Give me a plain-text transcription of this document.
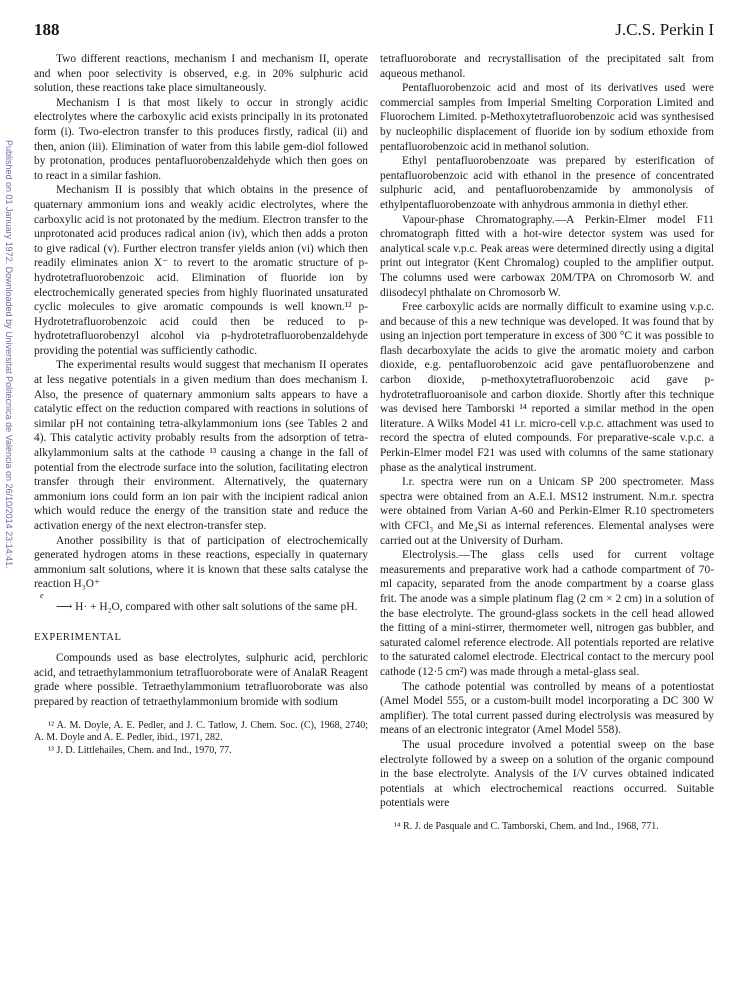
188	J.C.S. Perkin I
Published on 01 January 1972. Downloaded by Universitat Politècnica de València on 26/10/2014 23:14:41.

Two different reactions, mechanism I and mechanism II, operate and when poor selectivity is observed, e.g. in 20% sulphuric acid solution, these reactions take place simultaneously.

Mechanism I is that most likely to occur in strongly acidic electrolytes where the carboxylic acid exists principally in its protonated form (i). Two-electron transfer to this produces firstly, radical (ii) and then, anion (iii). Elimination of water from this labile gem-diol followed by protonation, produces pentafluorobenzaldehyde which then goes on to react in a similar fashion.

Mechanism II is possibly that which obtains in the presence of quaternary ammonium ions and weakly acidic electrolytes, where the carboxylic acid is not protonated by the medium. Electron transfer to the unprotonated acid produces radical anion (iv), which then adds a proton to give radical (v). Further electron transfer yields anion (vi) which then readily eliminates anion X⁻ to revert to the aromatic structure of p-hydrotetrafluorobenzoic acid. Elimination of fluoride ion by electrochemically generated species from highly fluorinated unsaturated cyclic molecules to give aromatic compounds is well known.¹² p-Hydrotetrafluorobenzoic acid could then be reduced to p-hydrotetrafluorobenzyl alcohol via p-hydrotetrafluorobenzaldehyde providing the potential was sufficiently cathodic.

The experimental results would suggest that mechanism II operates at less negative potentials in a given medium than does mechanism I. Also, the presence of quaternary ammonium salts appears to have a catalytic effect on the reduction compared with reactions in solutions of similar pH not containing tetra-alkylammonium ions (see Tables 2 and 4). This catalytic activity probably results from the adsorption of tetra-alkylammonium salts at the cathode ¹³ causing a change in the fall of potential from the electrode surface into the solution, facilitating electron transfer through their environment. Alternatively, the quaternary ammonium ions could form an ion pair with the incipient radical anion which would reduce the energy of the transition state and reduce the activation energy of the next electron-transfer step.

Another possibility is that of participation of electrochemically generated hydrogen atoms in these reactions, especially in quaternary ammonium salt solutions, where it is known that these salts catalyse the reaction H₃O⁺

e

⟶ H· + H₂O, compared with other salt solutions of the same pH.

EXPERIMENTAL

Compounds used as base electrolytes, sulphuric acid, perchloric acid, and tetraethylammonium tetrafluoroborate were of AnalaR Reagent grade where possible. Tetraethylammonium tetrafluoroborate was also prepared by reaction of tetraethylammonium bromide with sodium

¹² A. M. Doyle, A. E. Pedler, and J. C. Tatlow, J. Chem. Soc. (C), 1968, 2740; A. M. Doyle and A. E. Pedler, ibid., 1971, 282.

¹³ J. D. Littlehailes, Chem. and Ind., 1970, 77.

tetrafluoroborate and recrystallisation of the precipitated salt from aqueous methanol.

Pentafluorobenzoic acid and most of its derivatives used were commercial samples from Imperial Smelting Corporation Limited and Fluorochem Limited. p-Methoxytetrafluorobenzoic acid was synthesised by nucleophilic displacement of fluoride ion by sodium ethoxide from pentafluorobenzoic acid in methanol solution.

Ethyl pentafluorobenzoate was prepared by esterification of pentafluorobenzoic acid with ethanol in the presence of concentrated sulphuric acid, and pentafluorobenzamide by ammonolysis of ethylpentafluorobenzoate with anhydrous ammonia in diethyl ether.

Vapour-phase Chromatography.—A Perkin-Elmer model F11 chromatograph fitted with a hot-wire detector system was used for analytical scale v.p.c. Peak areas were determined directly using a digital print out integrator (Kent Chromalog) coupled to the amplifier output. The columns used were carbowax 20M/TPA on Chromosorb W. and diisodecyl phthalate on Chromosorb W.

Free carboxylic acids are normally difficult to examine using v.p.c. and because of this a new technique was developed. It was found that by using an injection port temperature in excess of 300 °C it was possible to flash decarboxylate the acids to give the aromatic moiety and carbon dioxide, e.g. pentafluorobenzoic acid gave pentafluorobenzene and carbon dioxide, p-methoxytetrafluorobenzoic acid gave p-hydrotetrafluoroanisole and carbon dioxide. Shortly after this technique was devised here Tamborski ¹⁴ reported a similar method in the open literature. A Wilks Model 41 i.r. micro-cell v.p.c. attachment was used to record the spectra of eluted compounds. For preparative-scale v.p.c. a Perkin-Elmer model F21 was used with columns of the same stationary phase as the analytical instrument.

I.r. spectra were run on a Unicam SP 200 spectrometer. Mass spectra were obtained from an A.E.I. MS12 instrument. N.m.r. spectra were obtained from Varian A-60 and Perkin-Elmer R.10 spectrometers with CFCl₃ and Me₄Si as internal references. Elemental analyses were carried out at the University of Durham.

Electrolysis.—The glass cells used for current voltage measurements and preparative work had a cathode compartment of 70-ml capacity, separated from the anode compartment by a coarse glass frit. The anode was a simple platinum flag (2 cm × 2 cm) in a solution of the base electrolyte. The ground-glass sockets in the cell head allowed the fitting of a mini-stirrer, thermometer well, nitrogen gas bubbler, and saturated calomel reference electrode. All potentials reported are relative to the saturated calomel electrode. Electrical contact to the mercury pool cathode (12·5 cm²) was made through a metal-glass seal.

The cathode potential was controlled by means of a potentiostat (Amel Model 555, or a custom-built model incorporating a DC 300 W amplifier). The total current passed during electrolysis was measured by means of an electronic integrator (Amel Model 558).

The usual procedure involved a potential sweep on the base electrolyte followed by a sweep on a solution of the organic compound in the base electrolyte. Analysis of the I/V curves obtained indicated potentials at which electrochemical reactions occurred. Suitable potentials were

¹⁴ R. J. de Pasquale and C. Tamborski, Chem. and Ind., 1968, 771.
